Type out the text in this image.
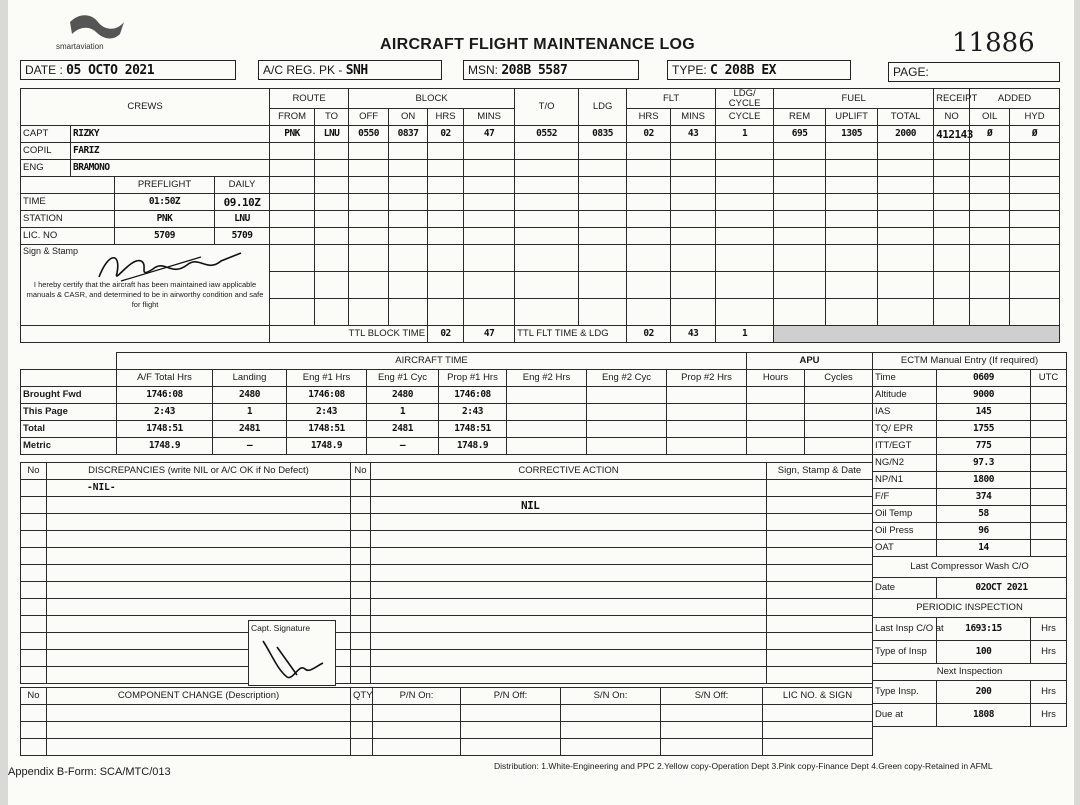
smartaviation	AIRCRAFT FLIGHT MAINTENANCE LOG	11886
DATE : 05 OCTO 2021	A/C REG. PK - SNH	MSN: 208B 5587	TYPE: C 208B EX	PAGE:
CREWS				ROUTE		BLOCK				T/O	LDG	FLT		LDG/ CYCLE	FUEL			RECEIPT	ADDED	
				FROM	TO	OFF	ON	HRS	MINS			HRS	MINS	CYCLE	REM	UPLIFT	TOTAL	NO	OIL	HYD
CAPT	RIZKY			PNK	LNU	0550	0837	02	47	0552	0835	02	43	1	695	1305	2000	412143	Ø	Ø
COPIL	FARIZ																			
ENG	BRAMONO																			
		PREFLIGHT	DAILY																	
TIME		01:50Z	09.10Z																	
STATION		PNK	LNU																	
LIC. NO		5709	5709																	

Sign & Stamp
I hereby certify that the aircraft has been maintained iaw applicable manuals & CASR, and determined to be in airworthy condition and safe for flight																				

				TTL BLOCK TIME				02	47	TTL FLT TIME & LDG		02	43	1						
	AIRCRAFT TIME								APU	
	A/F Total Hrs	Landing	Eng #1 Hrs	Eng #1 Cyc	Prop #1 Hrs	Eng #2 Hrs	Eng #2 Cyc	Prop #2 Hrs	Hours	Cycles
Brought Fwd	1746:08	2480	1746:08	2480	1746:08					
This Page	2:43	1	2:43	1	2:43					
Total	1748:51	2481	1748:51	2481	1748:51					
Metric	1748.9	–	1748.9	–	1748.9					
No	DISCREPANCIES (write NIL or A/C OK if No Defect)	No	CORRECTIVE ACTION	Sign, Stamp & Date
	-NIL-			
			NIL	

Capt. Signature
No	COMPONENT CHANGE (Description)	QTY	P/N On:	P/N Off:	S/N On:	S/N Off:	LIC NO. & SIGN

ECTM Manual Entry (If required)		
Time	0609	UTC
Altitude	9000	
IAS	145	
TQ/ EPR	1755	
ITT/EGT	775	
NG/N2	97.3	
NP/N1	1800	
F/F	374	
Oil Temp	58	
Oil Press	96	
OAT	14	
Last Compressor Wash C/O		
Date	02OCT 2021	
PERIODIC INSPECTION		
Last Insp C/O at	1693:15	Hrs
Type of Insp	100	Hrs
Next Inspection		
Type Insp.	200	Hrs
Due at	1808	Hrs
Appendix B-Form: SCA/MTC/013	Distribution: 1.White-Engineering and PPC 2.Yellow copy-Operation Dept 3.Pink copy-Finance Dept 4.Green copy-Retained in AFML
